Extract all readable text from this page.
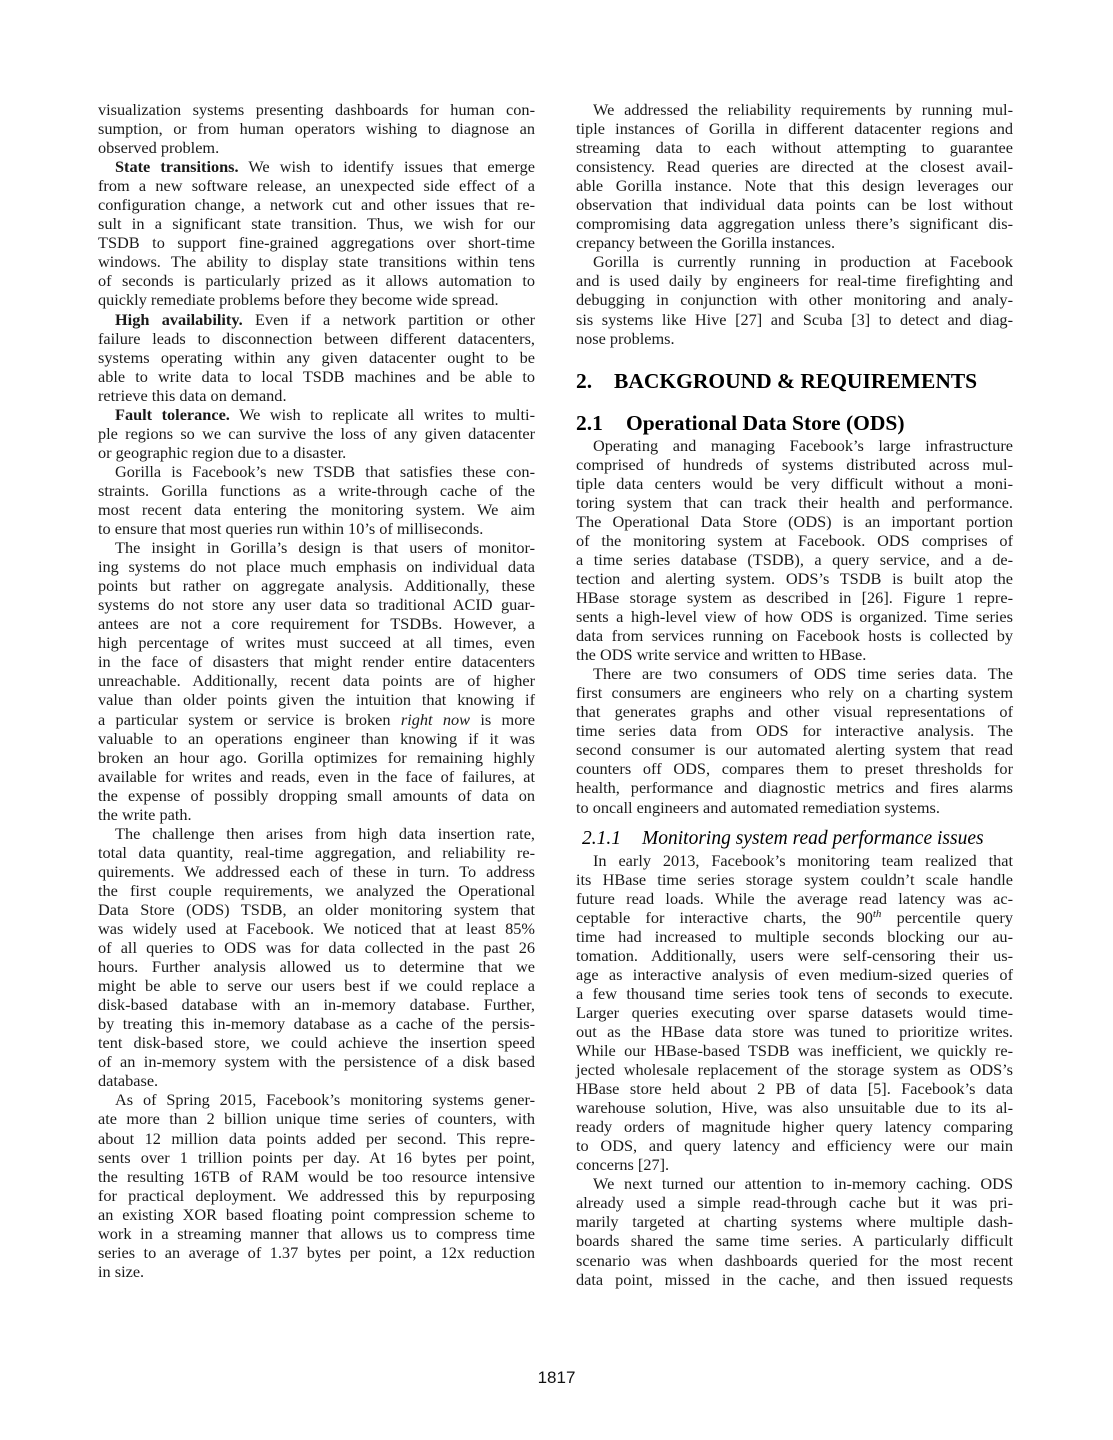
visualization systems presenting dashboards for human con-
sumption, or from human operators wishing to diagnose an
observed problem.
State transitions. We wish to identify issues that emerge
from a new software release, an unexpected side effect of a
configuration change, a network cut and other issues that re-
sult in a significant state transition. Thus, we wish for our
TSDB to support fine-grained aggregations over short-time
windows. The ability to display state transitions within tens
of seconds is particularly prized as it allows automation to
quickly remediate problems before they become wide spread.
High availability. Even if a network partition or other
failure leads to disconnection between different datacenters,
systems operating within any given datacenter ought to be
able to write data to local TSDB machines and be able to
retrieve this data on demand.
Fault tolerance. We wish to replicate all writes to multi-
ple regions so we can survive the loss of any given datacenter
or geographic region due to a disaster.
Gorilla is Facebook’s new TSDB that satisfies these con-
straints. Gorilla functions as a write-through cache of the
most recent data entering the monitoring system. We aim
to ensure that most queries run within 10’s of milliseconds.
The insight in Gorilla’s design is that users of monitor-
ing systems do not place much emphasis on individual data
points but rather on aggregate analysis. Additionally, these
systems do not store any user data so traditional ACID guar-
antees are not a core requirement for TSDBs. However, a
high percentage of writes must succeed at all times, even
in the face of disasters that might render entire datacenters
unreachable. Additionally, recent data points are of higher
value than older points given the intuition that knowing if
a particular system or service is broken right now is more
valuable to an operations engineer than knowing if it was
broken an hour ago. Gorilla optimizes for remaining highly
available for writes and reads, even in the face of failures, at
the expense of possibly dropping small amounts of data on
the write path.
The challenge then arises from high data insertion rate,
total data quantity, real-time aggregation, and reliability re-
quirements. We addressed each of these in turn. To address
the first couple requirements, we analyzed the Operational
Data Store (ODS) TSDB, an older monitoring system that
was widely used at Facebook. We noticed that at least 85%
of all queries to ODS was for data collected in the past 26
hours. Further analysis allowed us to determine that we
might be able to serve our users best if we could replace a
disk-based database with an in-memory database. Further,
by treating this in-memory database as a cache of the persis-
tent disk-based store, we could achieve the insertion speed
of an in-memory system with the persistence of a disk based
database.
As of Spring 2015, Facebook’s monitoring systems gener-
ate more than 2 billion unique time series of counters, with
about 12 million data points added per second. This repre-
sents over 1 trillion points per day. At 16 bytes per point,
the resulting 16TB of RAM would be too resource intensive
for practical deployment. We addressed this by repurposing
an existing XOR based floating point compression scheme to
work in a streaming manner that allows us to compress time
series to an average of 1.37 bytes per point, a 12x reduction
in size.
We addressed the reliability requirements by running mul-
tiple instances of Gorilla in different datacenter regions and
streaming data to each without attempting to guarantee
consistency. Read queries are directed at the closest avail-
able Gorilla instance. Note that this design leverages our
observation that individual data points can be lost without
compromising data aggregation unless there’s significant dis-
crepancy between the Gorilla instances.
Gorilla is currently running in production at Facebook
and is used daily by engineers for real-time firefighting and
debugging in conjunction with other monitoring and analy-
sis systems like Hive [27] and Scuba [3] to detect and diag-
nose problems.
2. BACKGROUND & REQUIREMENTS
2.1 Operational Data Store (ODS)
Operating and managing Facebook’s large infrastructure
comprised of hundreds of systems distributed across mul-
tiple data centers would be very difficult without a moni-
toring system that can track their health and performance.
The Operational Data Store (ODS) is an important portion
of the monitoring system at Facebook. ODS comprises of
a time series database (TSDB), a query service, and a de-
tection and alerting system. ODS’s TSDB is built atop the
HBase storage system as described in [26]. Figure 1 repre-
sents a high-level view of how ODS is organized. Time series
data from services running on Facebook hosts is collected by
the ODS write service and written to HBase.
There are two consumers of ODS time series data. The
first consumers are engineers who rely on a charting system
that generates graphs and other visual representations of
time series data from ODS for interactive analysis. The
second consumer is our automated alerting system that read
counters off ODS, compares them to preset thresholds for
health, performance and diagnostic metrics and fires alarms
to oncall engineers and automated remediation systems.
2.1.1 Monitoring system read performance issues
In early 2013, Facebook’s monitoring team realized that
its HBase time series storage system couldn’t scale handle
future read loads. While the average read latency was ac-
ceptable for interactive charts, the 90th percentile query
time had increased to multiple seconds blocking our au-
tomation. Additionally, users were self-censoring their us-
age as interactive analysis of even medium-sized queries of
a few thousand time series took tens of seconds to execute.
Larger queries executing over sparse datasets would time-
out as the HBase data store was tuned to prioritize writes.
While our HBase-based TSDB was inefficient, we quickly re-
jected wholesale replacement of the storage system as ODS’s
HBase store held about 2 PB of data [5]. Facebook’s data
warehouse solution, Hive, was also unsuitable due to its al-
ready orders of magnitude higher query latency comparing
to ODS, and query latency and efficiency were our main
concerns [27].
We next turned our attention to in-memory caching. ODS
already used a simple read-through cache but it was pri-
marily targeted at charting systems where multiple dash-
boards shared the same time series. A particularly difficult
scenario was when dashboards queried for the most recent
data point, missed in the cache, and then issued requests
1817
